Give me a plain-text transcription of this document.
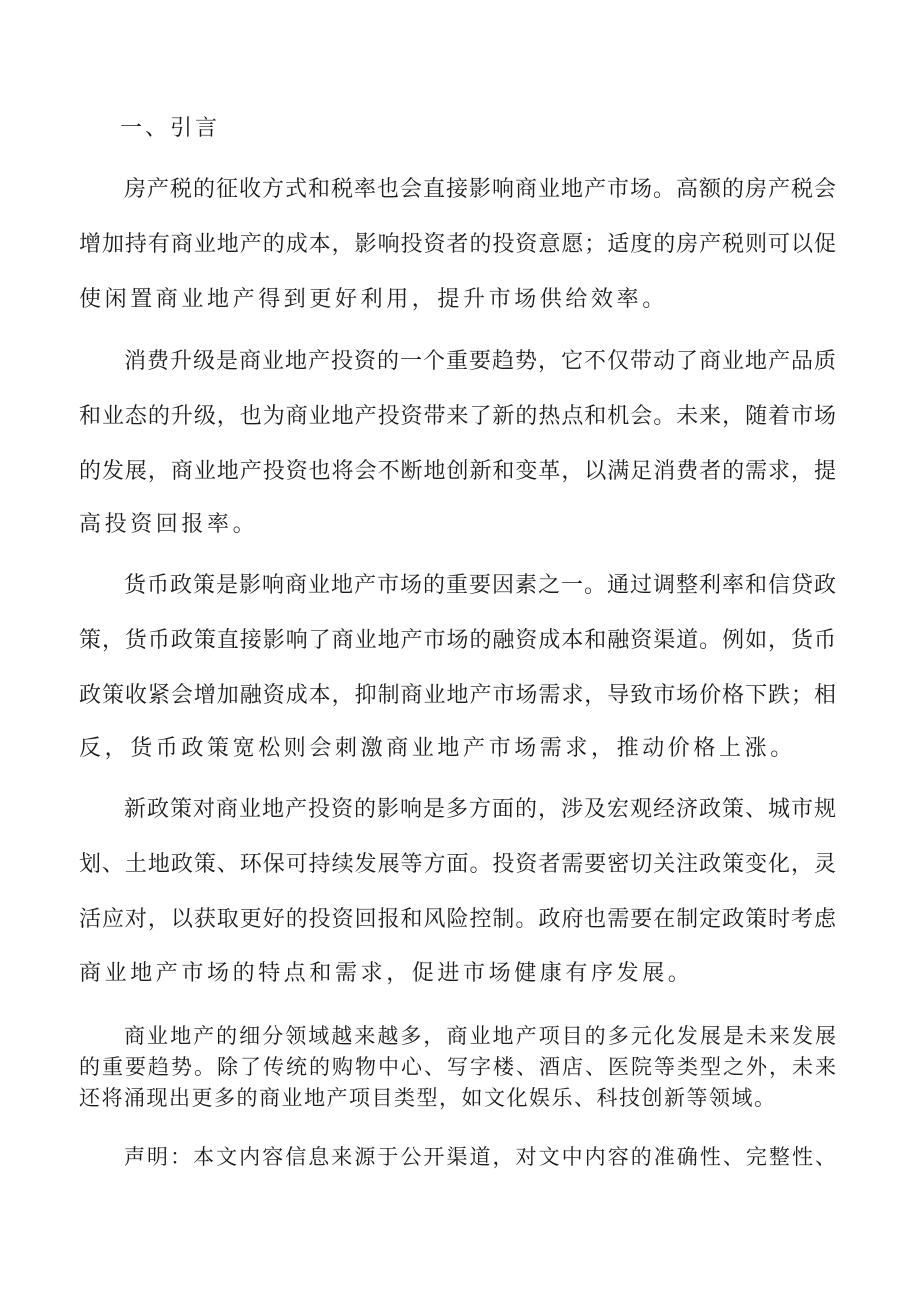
一、引言
房产税的征收方式和税率也会直接影响商业地产市场。高额的房产税会
增加持有商业地产的成本，影响投资者的投资意愿；适度的房产税则可以促
使闲置商业地产得到更好利用，提升市场供给效率。
消费升级是商业地产投资的一个重要趋势，它不仅带动了商业地产品质
和业态的升级，也为商业地产投资带来了新的热点和机会。未来，随着市场
的发展，商业地产投资也将会不断地创新和变革，以满足消费者的需求，提
高投资回报率。
货币政策是影响商业地产市场的重要因素之一。通过调整利率和信贷政
策，货币政策直接影响了商业地产市场的融资成本和融资渠道。例如，货币
政策收紧会增加融资成本，抑制商业地产市场需求，导致市场价格下跌；相
反，货币政策宽松则会刺激商业地产市场需求，推动价格上涨。
新政策对商业地产投资的影响是多方面的，涉及宏观经济政策、城市规
划、土地政策、环保可持续发展等方面。投资者需要密切关注政策变化，灵
活应对，以获取更好的投资回报和风险控制。政府也需要在制定政策时考虑
商业地产市场的特点和需求，促进市场健康有序发展。
商业地产的细分领域越来越多，商业地产项目的多元化发展是未来发展
的重要趋势。除了传统的购物中心、写字楼、酒店、医院等类型之外，未来
还将涌现出更多的商业地产项目类型，如文化娱乐、科技创新等领域。
声明：本文内容信息来源于公开渠道，对文中内容的准确性、完整性、
